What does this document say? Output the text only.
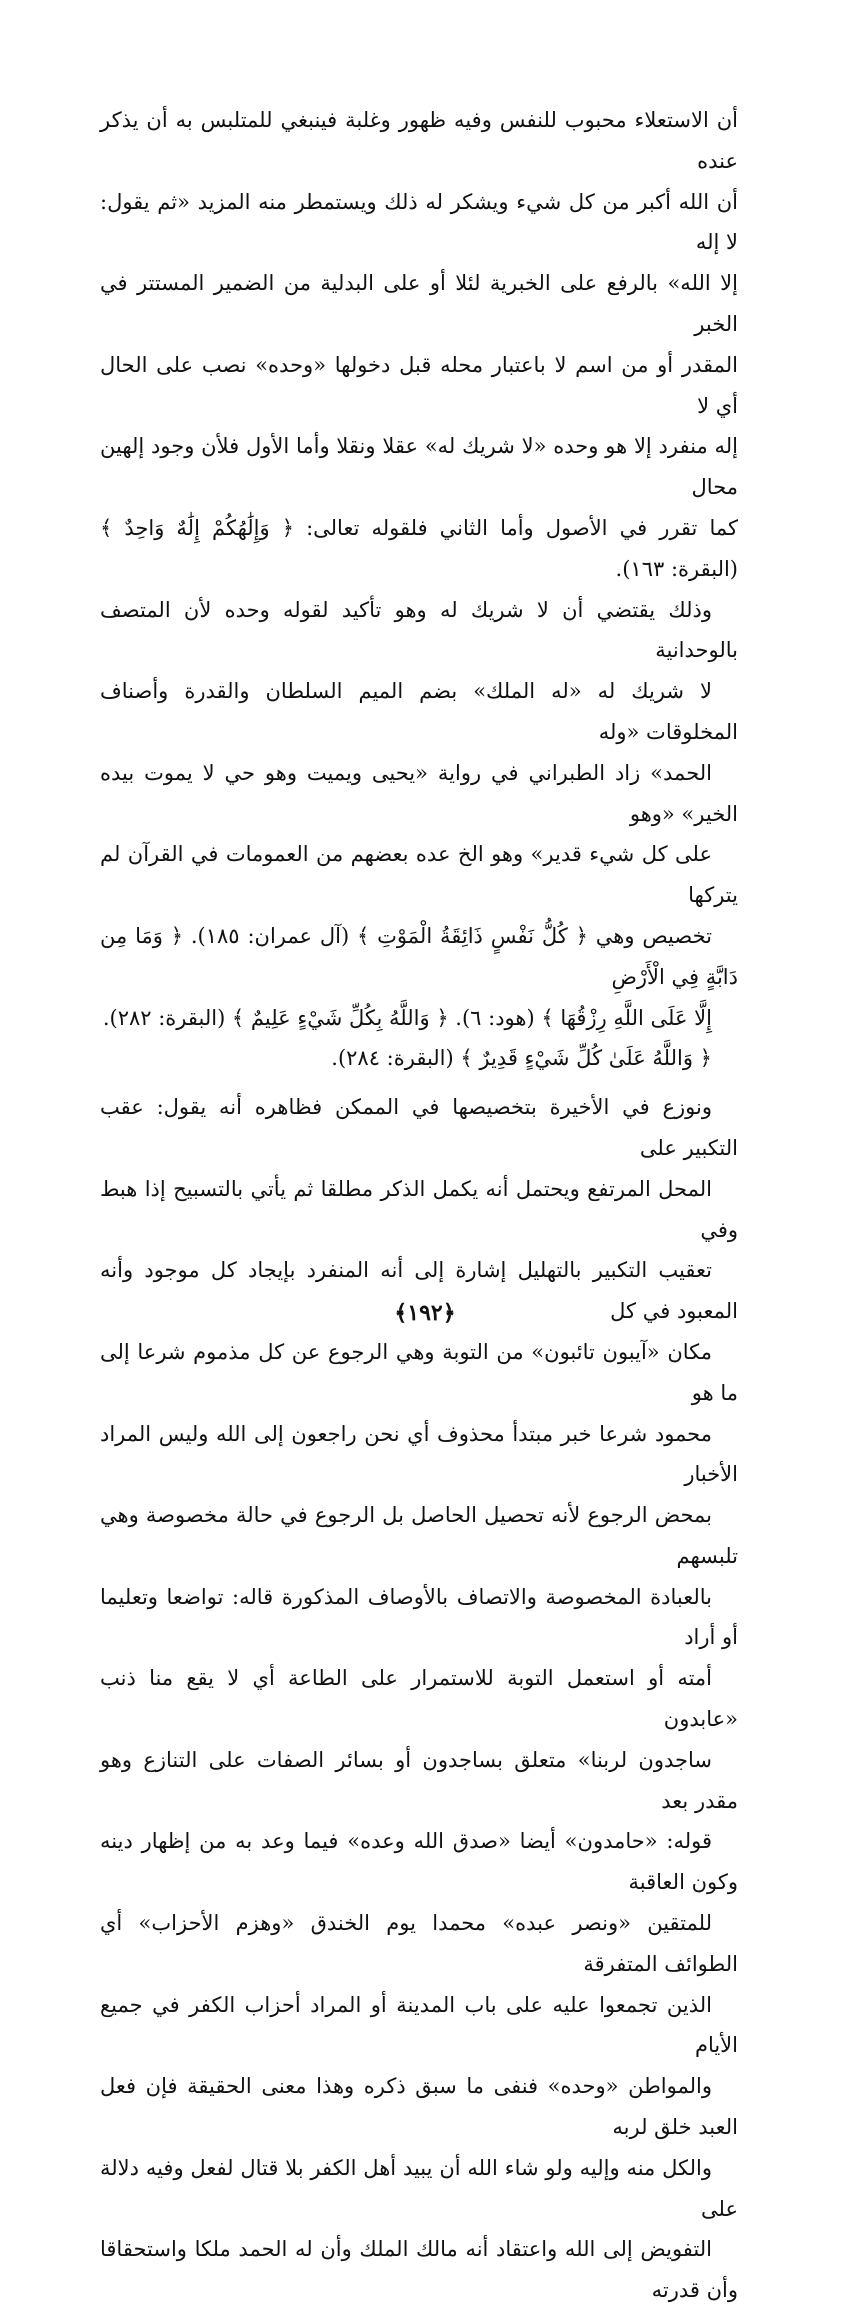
أن الاستعلاء محبوب للنفس وفيه ظهور وغلبة فينبغي للمتلبس به أن يذكر عنده
أن الله أكبر من كل شيء ويشكر له ذلك ويستمطر منه المزيد «ثم يقول: لا إله
إلا الله» بالرفع على الخبرية لئلا أو على البدلية من الضمير المستتر في الخبر
المقدر أو من اسم لا باعتبار محله قبل دخولها «وحده» نصب على الحال أي لا
إله منفرد إلا هو وحده «لا شريك له» عقلا ونقلا وأما الأول فلأن وجود إلهين محال
كما تقرر في الأصول وأما الثاني فلقوله تعالى: ﴿ وَإِلَٰهُكُمْ إِلَٰهٌ وَاحِدٌ ﴾ (البقرة: ١٦٣).

وذلك يقتضي أن لا شريك له وهو تأكيد لقوله وحده لأن المتصف بالوحدانية
لا شريك له «له الملك» بضم الميم السلطان والقدرة وأصناف المخلوقات «وله
الحمد» زاد الطبراني في رواية «يحيى ويميت وهو حي لا يموت بيده الخير» «وهو
على كل شيء قدير» وهو الخ عده بعضهم من العمومات في القرآن لم يتركها
تخصيص وهي ﴿ كُلُّ نَفْسٍ ذَائِقَةُ الْمَوْتِ ﴾ (آل عمران: ١٨٥). ﴿ وَمَا مِن دَابَّةٍ فِي الْأَرْضِ
إِلَّا عَلَى اللَّهِ رِزْقُهَا ﴾ (هود: ٦). ﴿ وَاللَّهُ بِكُلِّ شَيْءٍ عَلِيمٌ ﴾ (البقرة: ٢٨٢).
﴿ وَاللَّهُ عَلَىٰ كُلِّ شَيْءٍ قَدِيرٌ ﴾ (البقرة: ٢٨٤).

ونوزع في الأخيرة بتخصيصها في الممكن فظاهره أنه يقول: عقب التكبير على
المحل المرتفع ويحتمل أنه يكمل الذكر مطلقا ثم يأتي بالتسبيح إذا هبط وفي
تعقيب التكبير بالتهليل إشارة إلى أنه المنفرد بإيجاد كل موجود وأنه المعبود في كل
مكان «آيبون تائبون» من التوبة وهي الرجوع عن كل مذموم شرعا إلى ما هو
محمود شرعا خبر مبتدأ محذوف أي نحن راجعون إلى الله وليس المراد الأخبار
بمحض الرجوع لأنه تحصيل الحاصل بل الرجوع في حالة مخصوصة وهي تلبسهم
بالعبادة المخصوصة والاتصاف بالأوصاف المذكورة قاله: تواضعا وتعليما أو أراد
أمته أو استعمل التوبة للاستمرار على الطاعة أي لا يقع منا ذنب «عابدون
ساجدون لربنا» متعلق بساجدون أو بسائر الصفات على التنازع وهو مقدر بعد
قوله: «حامدون» أيضا «صدق الله وعده» فيما وعد به من إظهار دينه وكون العاقبة
للمتقين «ونصر عبده» محمدا يوم الخندق «وهزم الأحزاب» أي الطوائف المتفرقة
الذين تجمعوا عليه على باب المدينة أو المراد أحزاب الكفر في جميع الأيام
والمواطن «وحده» فنفى ما سبق ذكره وهذا معنى الحقيقة فإن فعل العبد خلق لربه
والكل منه وإليه ولو شاء الله أن يبيد أهل الكفر بلا قتال لفعل وفيه دلالة على
التفويض إلى الله واعتقاد أنه مالك الملك وأن له الحمد ملكا واستحقاقا وأن قدرته

﴿١٩٢﴾
